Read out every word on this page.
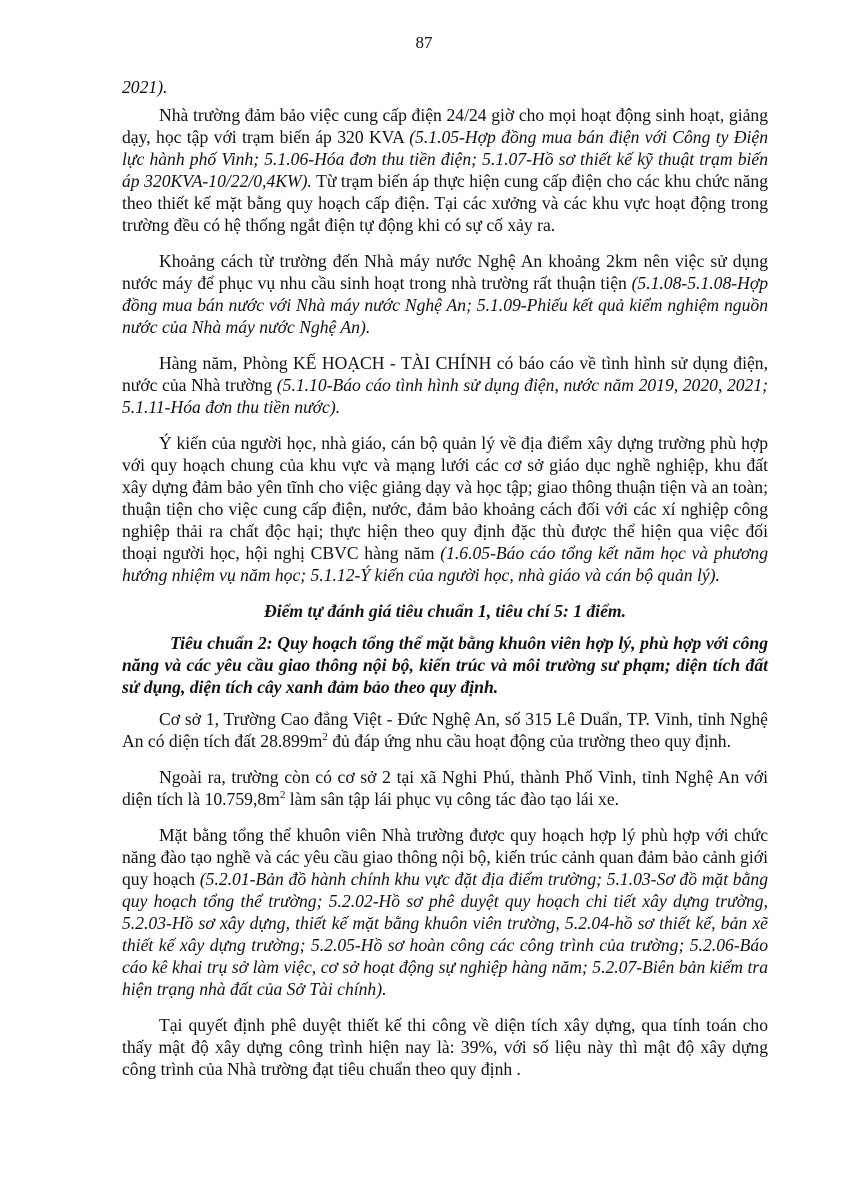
87

2021).

Nhà trường đảm bảo việc cung cấp điện 24/24 giờ cho mọi hoạt động sinh hoạt, giảng dạy, học tập với trạm biến áp 320 KVA (5.1.05-Hợp đồng mua bán điện với Công ty Điện lực hành phố Vinh; 5.1.06-Hóa đơn thu tiền điện; 5.1.07-Hồ sơ thiết kế kỹ thuật trạm biến áp 320KVA-10/22/0,4KW). Từ trạm biến áp thực hiện cung cấp điện cho các khu chức năng theo thiết kế mặt bằng quy hoạch cấp điện. Tại các xưởng và các khu vực hoạt động trong trường đều có hệ thống ngắt điện tự động khi có sự cố xảy ra.

Khoảng cách từ trường đến Nhà máy nước Nghệ An khoảng 2km nên việc sử dụng nước máy để phục vụ nhu cầu sinh hoạt trong nhà trường rất thuận tiện (5.1.08-5.1.08-Hợp đồng mua bán nước với Nhà máy nước Nghệ An; 5.1.09-Phiếu kết quả kiểm nghiệm nguồn nước của Nhà máy nước Nghệ An).

Hàng năm, Phòng KẾ HOẠCH - TÀI CHÍNH có báo cáo về tình hình sử dụng điện, nước của Nhà trường (5.1.10-Báo cáo tình hình sử dụng điện, nước năm 2019, 2020, 2021; 5.1.11-Hóa đơn thu tiền nước).

Ý kiến của người học, nhà giáo, cán bộ quản lý về địa điểm xây dựng trường phù hợp với quy hoạch chung của khu vực và mạng lưới các cơ sở giáo dục nghề nghiệp, khu đất xây dựng đảm bảo yên tĩnh cho việc giảng dạy và học tập; giao thông thuận tiện và an toàn; thuận tiện cho việc cung cấp điện, nước, đảm bảo khoảng cách đối với các xí nghiệp công nghiệp thải ra chất độc hại; thực hiện theo quy định đặc thù được thể hiện qua việc đối thoại người học, hội nghị CBVC hàng năm (1.6.05-Báo cáo tổng kết năm học và phương hướng nhiệm vụ năm học; 5.1.12-Ý kiến của người học, nhà giáo và cán bộ quản lý).

Điểm tự đánh giá tiêu chuẩn 1, tiêu chí 5: 1 điểm.

Tiêu chuẩn 2: Quy hoạch tổng thể mặt bằng khuôn viên hợp lý, phù hợp với công năng và các yêu cầu giao thông nội bộ, kiến trúc và môi trường sư phạm; diện tích đất sử dụng, diện tích cây xanh đảm bảo theo quy định.

Cơ sở 1, Trường Cao đẳng Việt - Đức Nghệ An, số 315 Lê Duẩn, TP. Vinh, tỉnh Nghệ An có diện tích đất $28.899m^2$ đủ đáp ứng nhu cầu hoạt động của trường theo quy định.

Ngoài ra, trường còn có cơ sở 2 tại xã Nghi Phú, thành Phố Vinh, tỉnh Nghệ An với diện tích là $10.759,8m^2$ làm sân tập lái phục vụ công tác đào tạo lái xe.

Mặt bằng tổng thể khuôn viên Nhà trường được quy hoạch hợp lý phù hợp với chức năng đào tạo nghề và các yêu cầu giao thông nội bộ, kiến trúc cảnh quan đảm bảo cảnh giới quy hoạch (5.2.01-Bản đồ hành chính khu vực đặt địa điểm trường; 5.1.03-Sơ đồ mặt bằng quy hoạch tổng thể trường; 5.2.02-Hồ sơ phê duyệt quy hoạch chi tiết xây dựng trường, 5.2.03-Hồ sơ xây dựng, thiết kế mặt bằng khuôn viên trường, 5.2.04-hồ sơ thiết kế, bản xẽ thiết kế xây dựng trường; 5.2.05-Hồ sơ hoàn công các công trình của trường; 5.2.06-Báo cáo kê khai trụ sở làm việc, cơ sở hoạt động sự nghiệp hàng năm; 5.2.07-Biên bản kiểm tra hiện trạng nhà đất của Sở Tài chính).

Tại quyết định phê duyệt thiết kế thi công về diện tích xây dựng, qua tính toán cho thấy mật độ xây dựng công trình hiện nay là: 39%, với số liệu này thì mật độ xây dựng công trình của Nhà trường đạt tiêu chuẩn theo quy định .
